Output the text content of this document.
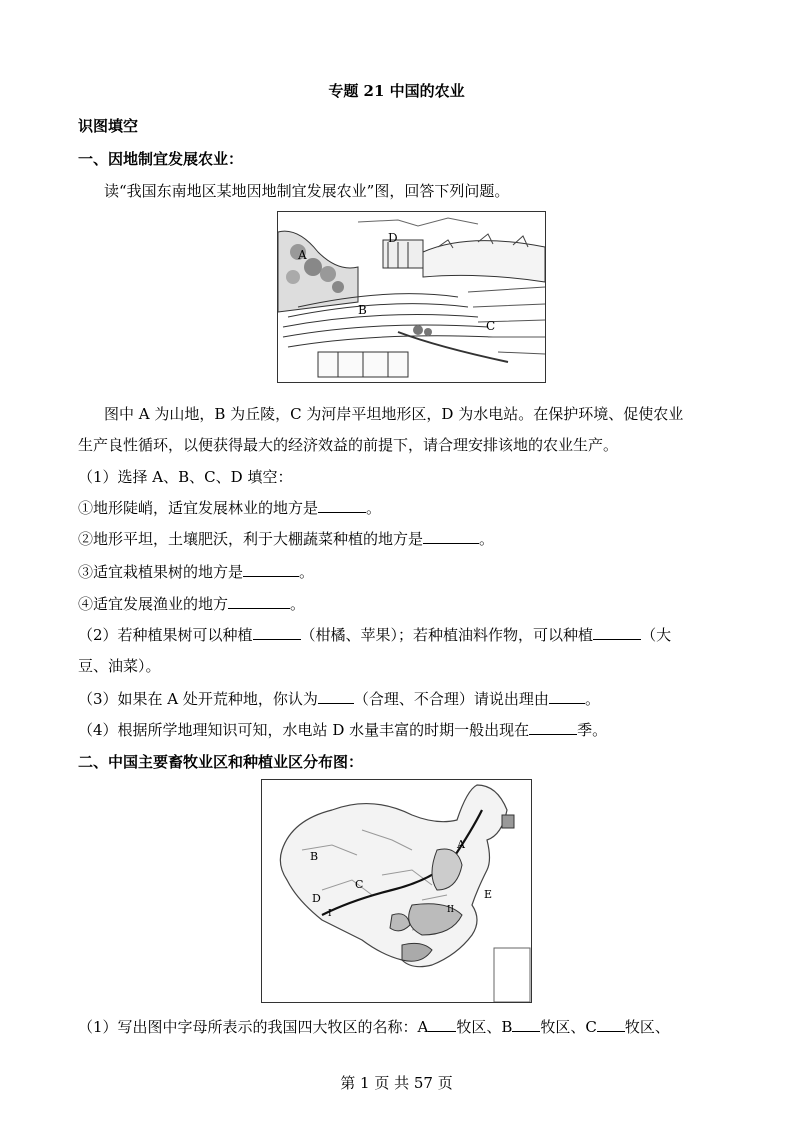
专题 21 中国的农业
识图填空
一、因地制宜发展农业：
读“我国东南地区某地因地制宜发展农业”图，回答下列问题。
A
B
C
D
图中 A 为山地，B 为丘陵，C 为河岸平坦地形区，D 为水电站。在保护环境、促使农业
生产良性循环，以便获得最大的经济效益的前提下，请合理安排该地的农业生产。
（1）选择 A、B、C、D 填空：
①地形陡峭，适宜发展林业的地方是	。
②地形平坦，土壤肥沃，利于大棚蔬菜种植的地方是	。
③适宜栽植果树的地方是	。
④适宜发展渔业的地方	。
（2）若种植果树可以种植	（柑橘、苹果）；若种植油料作物，可以种植	（大
豆、油菜）。
（3）如果在 A 处开荒种地，你认为 （合理、不合理）请说出理由 。
（4）根据所学地理知识可知，水电站 D 水量丰富的时期一般出现在	季。
二、中国主要畜牧业区和种植业区分布图：
A
B
C
D	E
I	II
（1）写出图中字母所表示的我国四大牧区的名称：A 牧区、B 牧区、C 牧区、
第 1 页 共 57 页
